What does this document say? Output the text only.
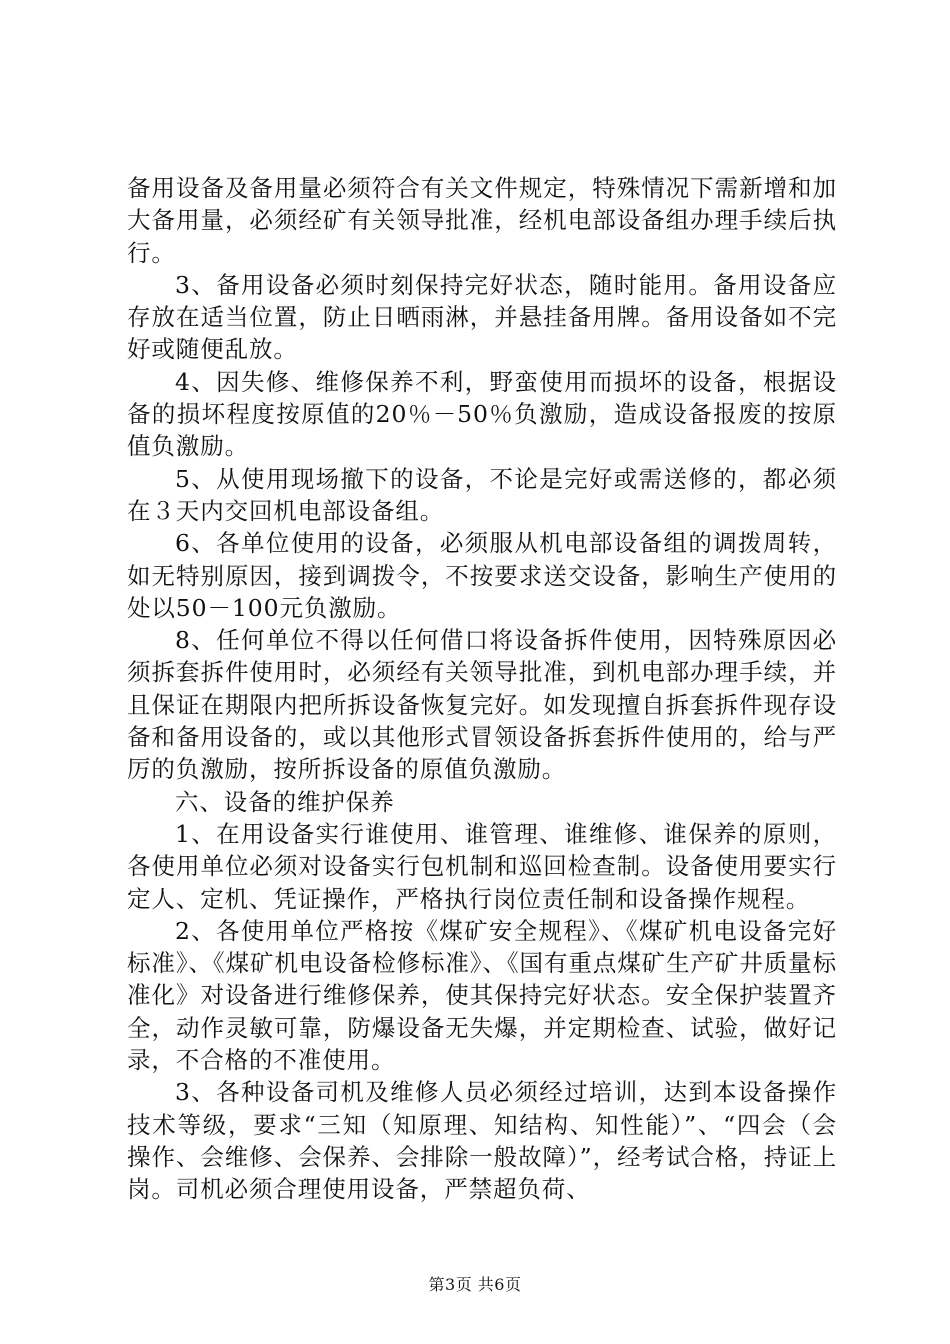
备用设备及备用量必须符合有关文件规定，特殊情况下需新增和加大备用量，必须经矿有关领导批准，经机电部设备组办理手续后执行。

3、备用设备必须时刻保持完好状态，随时能用。备用设备应存放在适当位置，防止日晒雨淋，并悬挂备用牌。备用设备如不完好或随便乱放。

4、因失修、维修保养不利，野蛮使用而损坏的设备，根据设备的损坏程度按原值的20％－50％负激励，造成设备报废的按原值负激励。

5、从使用现场撤下的设备，不论是完好或需送修的，都必须在３天内交回机电部设备组。

6、各单位使用的设备，必须服从机电部设备组的调拨周转，如无特别原因，接到调拨令，不按要求送交设备，影响生产使用的处以50－100元负激励。

8、任何单位不得以任何借口将设备拆件使用，因特殊原因必须拆套拆件使用时，必须经有关领导批准，到机电部办理手续，并且保证在期限内把所拆设备恢复完好。如发现擅自拆套拆件现存设备和备用设备的，或以其他形式冒领设备拆套拆件使用的，给与严厉的负激励，按所拆设备的原值负激励。

六、设备的维护保养

1、在用设备实行谁使用、谁管理、谁维修、谁保养的原则，各使用单位必须对设备实行包机制和巡回检查制。设备使用要实行定人、定机、凭证操作，严格执行岗位责任制和设备操作规程。

2、各使用单位严格按《煤矿安全规程》、《煤矿机电设备完好标准》、《煤矿机电设备检修标准》、《国有重点煤矿生产矿井质量标准化》对设备进行维修保养，使其保持完好状态。安全保护装置齐全，动作灵敏可靠，防爆设备无失爆，并定期检查、试验，做好记录，不合格的不准使用。

3、各种设备司机及维修人员必须经过培训，达到本设备操作技术等级，要求“三知（知原理、知结构、知性能）”、“四会（会操作、会维修、会保养、会排除一般故障）”，经考试合格，持证上岗。司机必须合理使用设备，严禁超负荷、

第3页 共6页
